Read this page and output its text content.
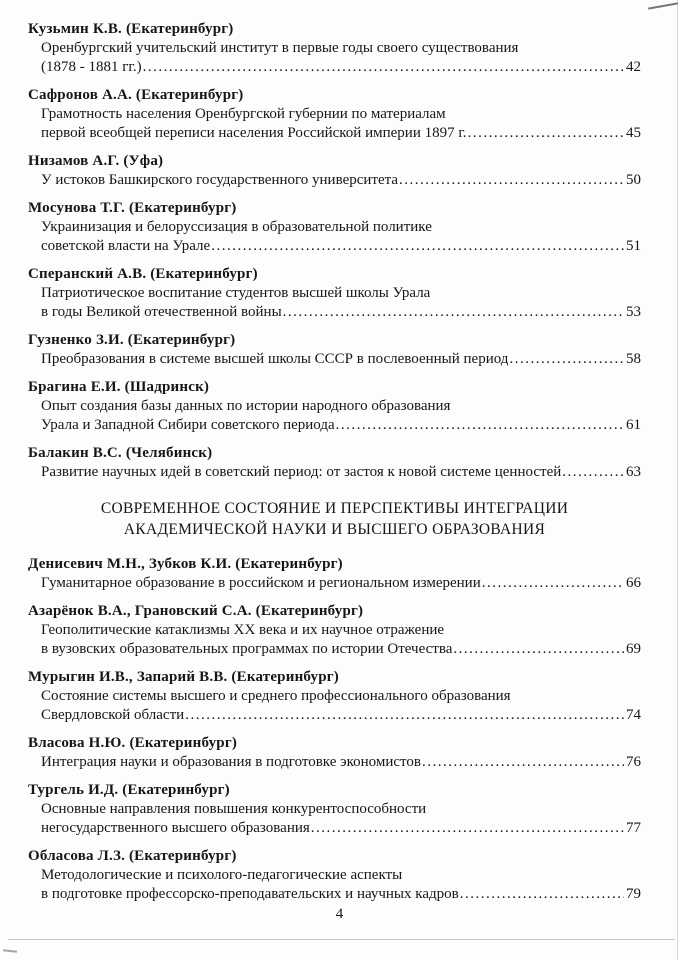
Кузьмин К.В. (Екатеринбург)
Оренбургский учительский институт в первые годы своего существования
(1878 - 1881 гг.) .....	42
Сафронов А.А. (Екатеринбург)
Грамотность населения Оренбургской губернии по материалам
первой всеобщей переписи населения Российской империи 1897 г. .....	45
Низамов А.Г. (Уфа)
У истоков Башкирского государственного университета .....	50
Мосунова Т.Г. (Екатеринбург)
Украинизация и белоруссизация в образовательной политике
советской власти на Урале .....	51
Сперанский А.В. (Екатеринбург)
Патриотическое воспитание студентов высшей школы Урала
в годы Великой отечественной войны .....	53
Гузненко З.И. (Екатеринбург)
Преобразования в системе высшей школы СССР в послевоенный период .....	58
Брагина Е.И. (Шадринск)
Опыт создания базы данных по истории народного образования
Урала и Западной Сибири советского периода .....	61
Балакин В.С. (Челябинск)
Развитие научных идей в советский период: от застоя к новой системе ценностей .....	63
СОВРЕМЕННОЕ СОСТОЯНИЕ И ПЕРСПЕКТИВЫ ИНТЕГРАЦИИ
АКАДЕМИЧЕСКОЙ НАУКИ И ВЫСШЕГО ОБРАЗОВАНИЯ
Денисевич М.Н., Зубков К.И. (Екатеринбург)
Гуманитарное образование в российском и региональном измерении .....	66
Азарёнок В.А., Грановский С.А. (Екатеринбург)
Геополитические катаклизмы XX века и их научное отражение
в вузовских образовательных программах по истории Отечества .....	69
Мурыгин И.В., Запарий В.В. (Екатеринбург)
Состояние системы высшего и среднего профессионального образования
Свердловской области .....	74
Власова Н.Ю. (Екатеринбург)
Интеграция науки и образования в подготовке экономистов .....	76
Тургель И.Д. (Екатеринбург)
Основные направления повышения конкурентоспособности
негосударственного высшего образования .....	77
Обласова Л.З. (Екатеринбург)
Методологические и психолого-педагогические аспекты
в подготовке профессорско-преподавательских и научных кадров .....	79
4
